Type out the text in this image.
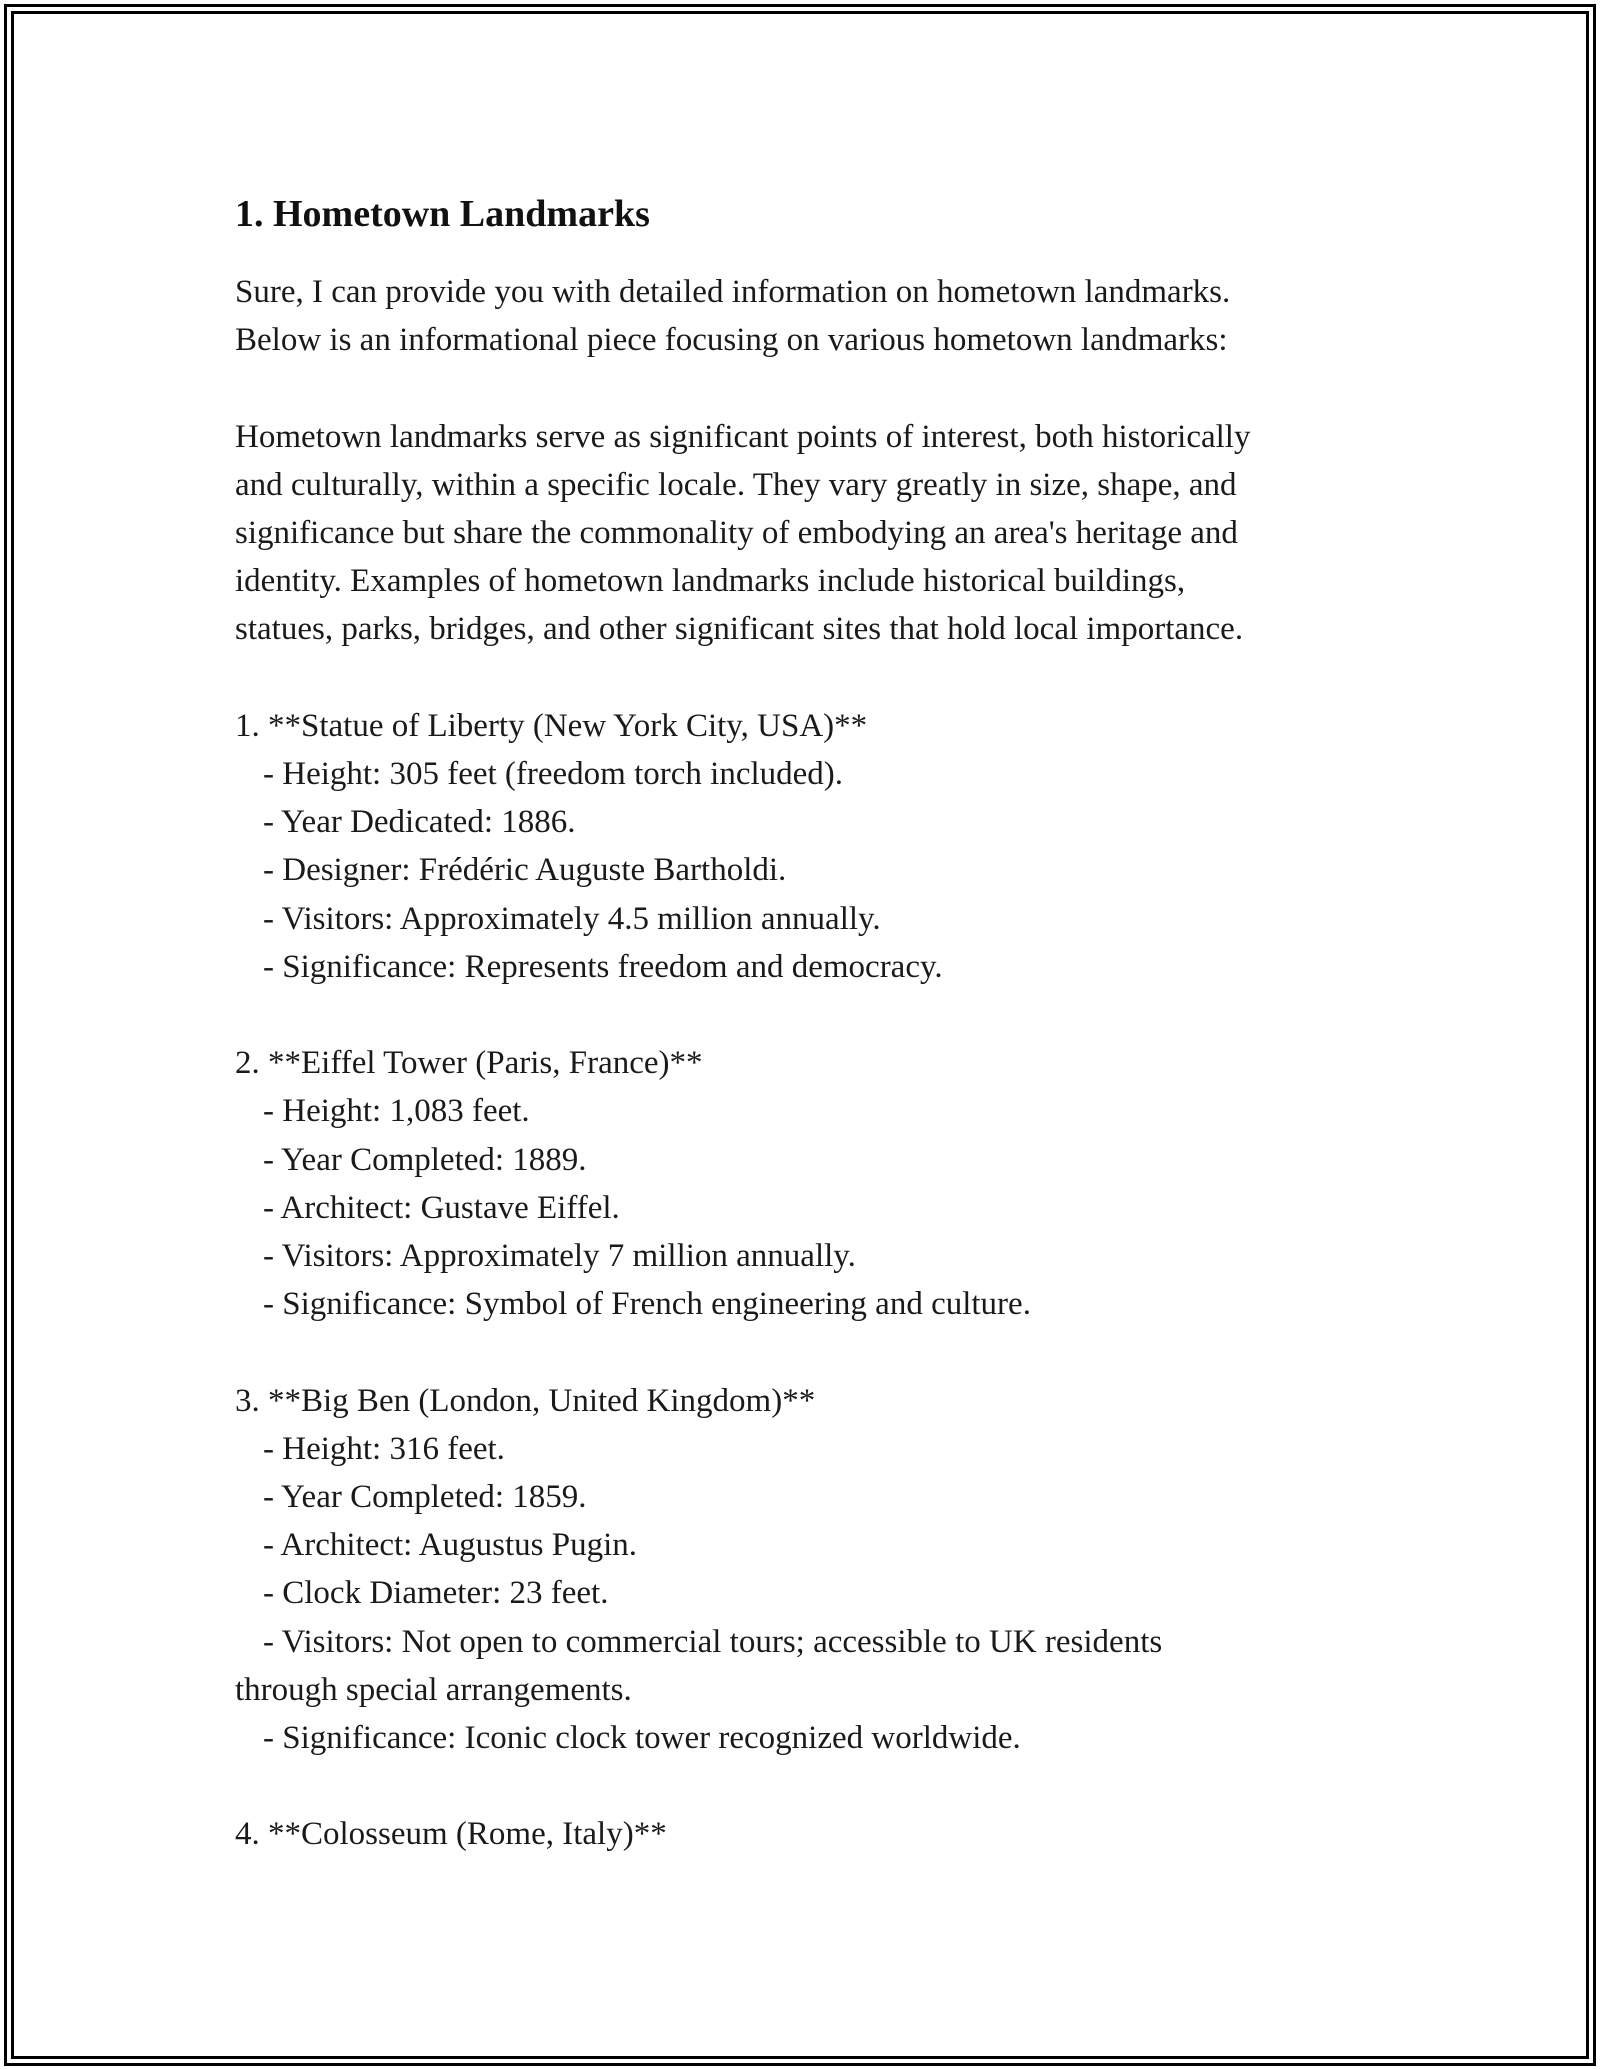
1. Hometown Landmarks

Sure, I can provide you with detailed information on hometown landmarks.

Below is an informational piece focusing on various hometown landmarks:

Hometown landmarks serve as significant points of interest, both historically

and culturally, within a specific locale. They vary greatly in size, shape, and

significance but share the commonality of embodying an area's heritage and

identity. Examples of hometown landmarks include historical buildings,

statues, parks, bridges, and other significant sites that hold local importance.

1. **Statue of Liberty (New York City, USA)**

- Height: 305 feet (freedom torch included).

- Year Dedicated: 1886.

- Designer: Frédéric Auguste Bartholdi.

- Visitors: Approximately 4.5 million annually.

- Significance: Represents freedom and democracy.

2. **Eiffel Tower (Paris, France)**

- Height: 1,083 feet.

- Year Completed: 1889.

- Architect: Gustave Eiffel.

- Visitors: Approximately 7 million annually.

- Significance: Symbol of French engineering and culture.

3. **Big Ben (London, United Kingdom)**

- Height: 316 feet.

- Year Completed: 1859.

- Architect: Augustus Pugin.

- Clock Diameter: 23 feet.

- Visitors: Not open to commercial tours; accessible to UK residents

through special arrangements.

- Significance: Iconic clock tower recognized worldwide.

4. **Colosseum (Rome, Italy)**
